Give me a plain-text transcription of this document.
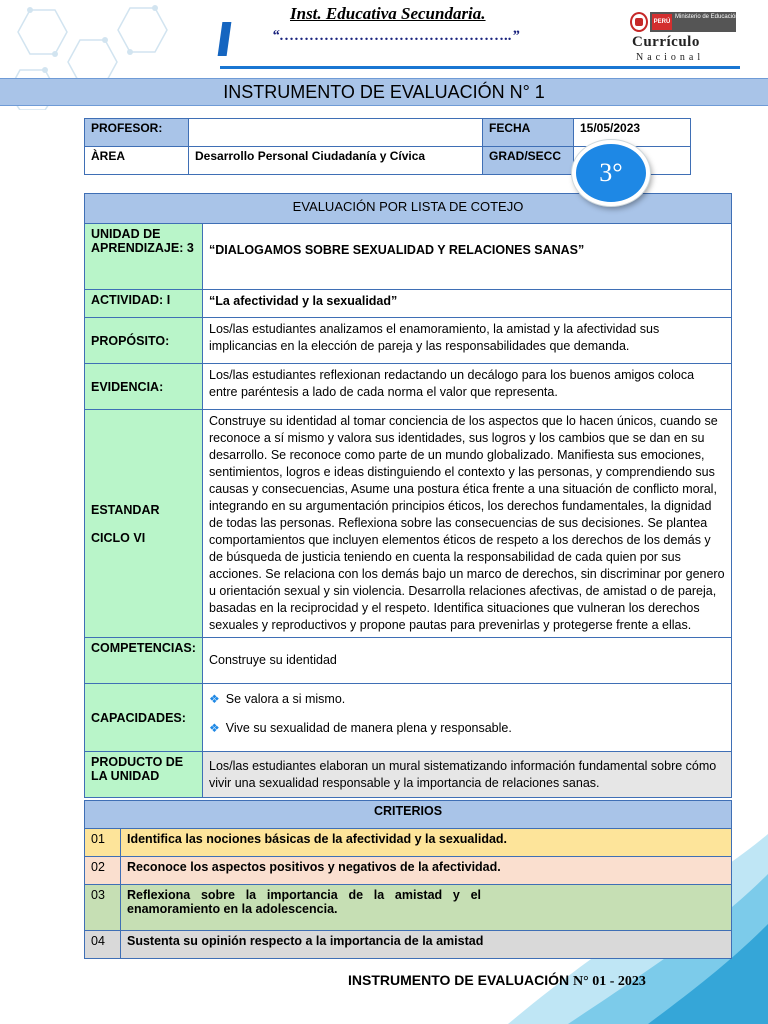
Inst. Educativa Secundaria.
“………………………………………..”
PERÚ
Ministerio de Educación
Currículo
Nacional
INSTRUMENTO DE EVALUACIÓN N° 1
PROFESOR:		FECHA	15/05/2023
ÀREA	Desarrollo Personal Ciudadanía y Cívica	GRAD/SECC	
EVALUACIÓN POR LISTA DE COTEJO	
UNIDAD DE APRENDIZAJE: 3	“DIALOGAMOS SOBRE SEXUALIDAD Y RELACIONES SANAS”
ACTIVIDAD: I	“La afectividad y la sexualidad”
PROPÓSITO:	Los/las estudiantes analizamos el enamoramiento, la amistad y la afectividad sus implicancias en la elección de pareja y las responsabilidades que demanda.
EVIDENCIA:	Los/las estudiantes reflexionan redactando un decálogo para los buenos amigos coloca entre paréntesis a lado de cada norma el valor que representa.

ESTANDAR
CICLO VI	Construye su identidad al tomar conciencia de los aspectos que lo hacen únicos, cuando se reconoce a sí mismo y valora sus identidades, sus logros y los cambios que se dan en su desarrollo. Se reconoce como parte de un mundo globalizado. Manifiesta sus emociones, sentimientos, logros e ideas distinguiendo el contexto y las personas, y comprendiendo sus causas y consecuencias, Asume una postura ética frente a una situación de conflicto moral, integrando en su argumentación principios éticos, los derechos fundamentales, la dignidad de todas las personas. Reflexiona sobre las consecuencias de sus decisiones. Se plantea comportamientos que incluyen elementos éticos de respeto a los derechos de los demás y de búsqueda de justicia teniendo en cuenta la responsabilidad de cada quien por sus acciones. Se relaciona con los demás bajo un marco de derechos, sin discriminar por genero u orientación sexual y sin violencia. Desarrolla relaciones afectivas, de amistad o de pareja, basadas en la reciprocidad y el respeto. Identifica situaciones que vulneran los derechos sexuales y reproductivos y propone pautas para prevenirlas y protegerse frente a ellas.
COMPETENCIAS:	Construye su identidad
CAPACIDADES:	❖ Se valora a si mismo.
❖ Vive su sexualidad de manera plena y responsable.

PRODUCTO DE LA UNIDAD	Los/las estudiantes elaboran un mural sistematizando información fundamental sobre cómo vivir una sexualidad responsable y la importancia de relaciones sanas.
CRITERIOS	
01	Identifica las nociones básicas de la afectividad y la sexualidad.
02	Reconoce los aspectos positivos y negativos de la afectividad.
03	Reflexiona sobre la importancia de la amistad y el enamoramiento en la adolescencia.
04	Sustenta su opinión respecto a la importancia de la amistad
3°
INSTRUMENTO DE EVALUACIÓN N° 01 - 2023
